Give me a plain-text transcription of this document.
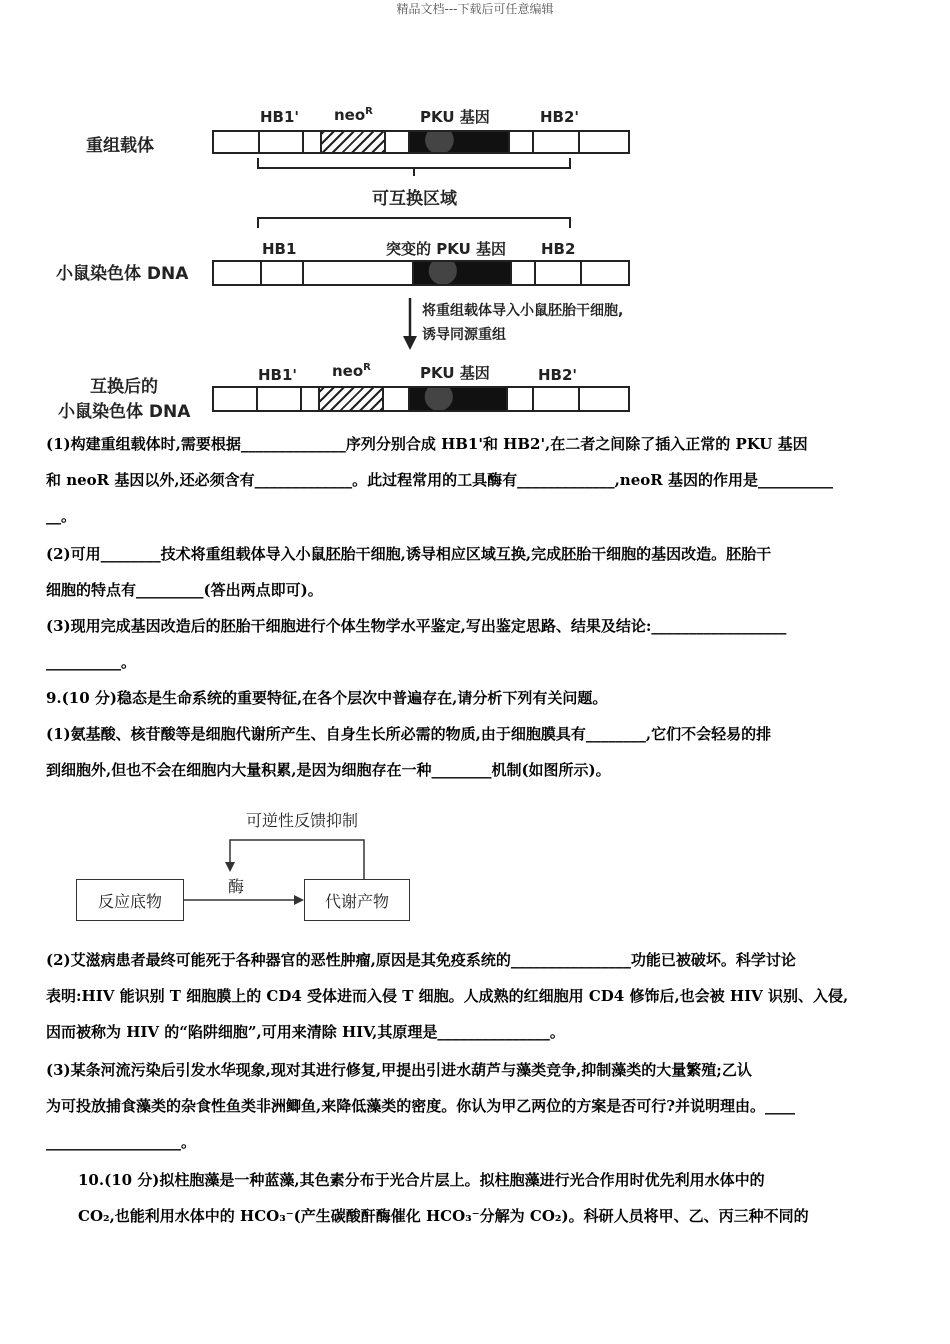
精品文档---下载后可任意编辑
HB1' neo$^R$	PKU 基因	HB2'
重组载体
可互换区域
HB1	突变的 PKU 基因 HB2
小鼠染色体 DNA
将重组载体导入小鼠胚胎干细胞,
诱导同源重组
HB1' neo$^R$	PKU 基因	HB2'
互换后的
小鼠染色体 DNA
(1)构建重组载体时,需要根据______________序列分别合成 HB1'和 HB2',在二者之间除了插入正常的 PKU 基因
和 neoR 基因以外,还必须含有_____________。此过程常用的工具酶有_____________,neoR 基因的作用是__________
__。
(2)可用________技术将重组载体导入小鼠胚胎干细胞,诱导相应区域互换,完成胚胎干细胞的基因改造。胚胎干
细胞的特点有_________(答出两点即可)。
(3)现用完成基因改造后的胚胎干细胞进行个体生物学水平鉴定,写出鉴定思路、结果及结论:__________________
__________。
9.(10 分)稳态是生命系统的重要特征,在各个层次中普遍存在,请分析下列有关问题。
(1)氨基酸、核苷酸等是细胞代谢所产生、自身生长所必需的物质,由于细胞膜具有________,它们不会轻易的排
到细胞外,但也不会在细胞内大量积累,是因为细胞存在一种________机制(如图所示)。
可逆性反馈抑制
反应底物
酶
代谢产物
(2)艾滋病患者最终可能死于各种器官的恶性肿瘤,原因是其免疫系统的________________功能已被破坏。科学讨论
表明:HIV 能识别 T 细胞膜上的 CD4 受体进而入侵 T 细胞。人成熟的红细胞用 CD4 修饰后,也会被 HIV 识别、入侵,
因而被称为 HIV 的“陷阱细胞”,可用来清除 HIV,其原理是_______________。
(3)某条河流污染后引发水华现象,现对其进行修复,甲提出引进水葫芦与藻类竞争,抑制藻类的大量繁殖;乙认
为可投放捕食藻类的杂食性鱼类非洲鲫鱼,来降低藻类的密度。你认为甲乙两位的方案是否可行?并说明理由。____
__________________。
10.(10 分)拟柱胞藻是一种蓝藻,其色素分布于光合片层上。拟柱胞藻进行光合作用时优先利用水体中的
CO₂,也能利用水体中的 HCO₃⁻(产生碳酸酐酶催化 HCO₃⁻分解为 CO₂)。科研人员将甲、乙、丙三种不同的
